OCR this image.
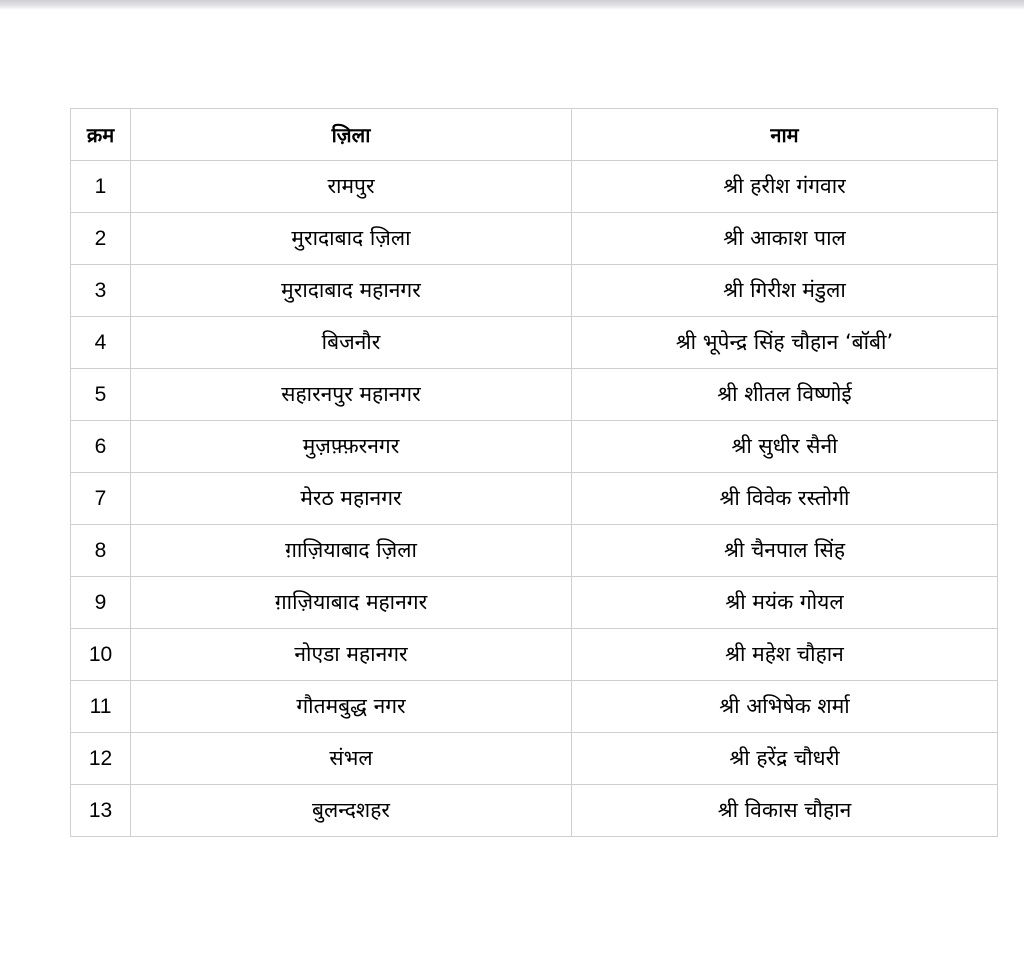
क्रम	ज़िला	नाम
1	रामपुर	श्री हरीश गंगवार
2	मुरादाबाद ज़िला	श्री आकाश पाल
3	मुरादाबाद महानगर	श्री गिरीश मंडुला
4	बिजनौर	श्री भूपेन्द्र सिंह चौहान ‘बॉबी’
5	सहारनपुर महानगर	श्री शीतल विष्णोई
6	मुज़फ़्फ़रनगर	श्री सुधीर सैनी
7	मेरठ महानगर	श्री विवेक रस्तोगी
8	ग़ाज़ियाबाद ज़िला	श्री चैनपाल सिंह
9	ग़ाज़ियाबाद महानगर	श्री मयंक गोयल
10	नोएडा महानगर	श्री महेश चौहान
11	गौतमबुद्ध नगर	श्री अभिषेक शर्मा
12	संभल	श्री हरेंद्र चौधरी
13	बुलन्दशहर	श्री विकास चौहान
